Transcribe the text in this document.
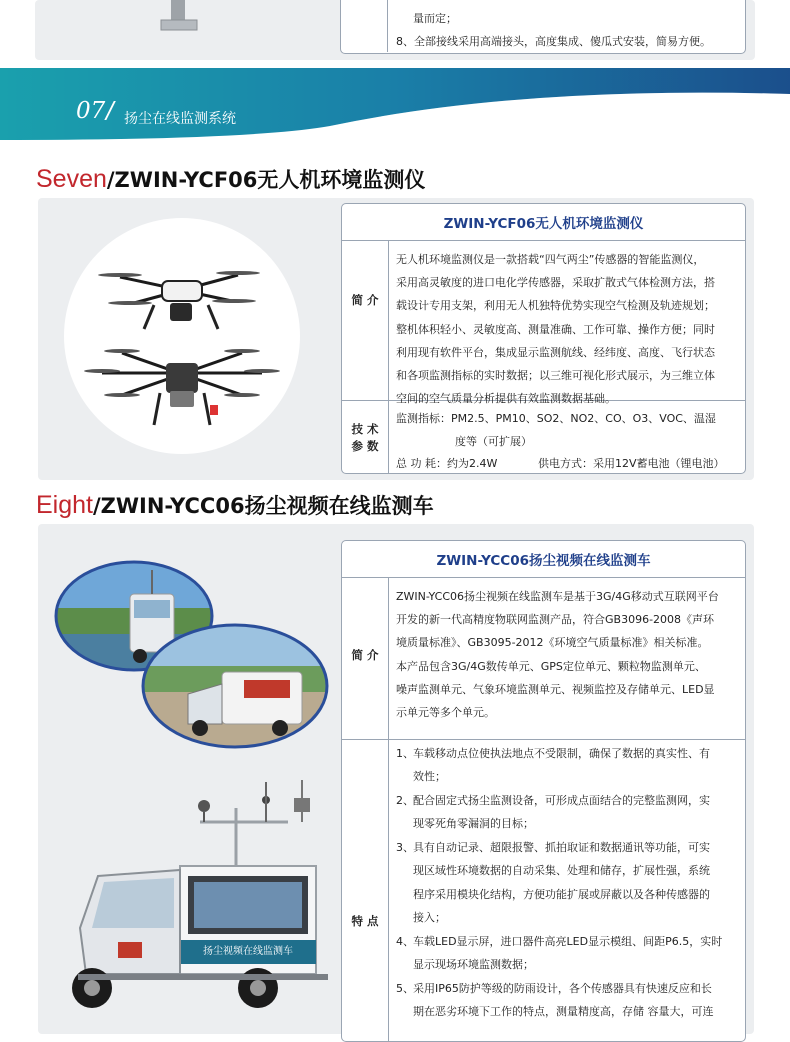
量而定；
8、全部接线采用高端接头，高度集成、傻瓜式安装，简易方便。
07 / 扬尘在线监测系统
Seven/ZWIN-YCF06无人机环境监测仪
ZWIN-YCF06无人机环境监测仪
简 介
无人机环境监测仪是一款搭载“四气两尘”传感器的智能监测仪，
采用高灵敏度的进口电化学传感器，采取扩散式气体检测方法，搭
载设计专用支架，利用无人机独特优势实现空气检测及轨迹规划；
整机体积轻小、灵敏度高、测量准确、工作可靠、操作方便；同时
利用现有软件平台，集成显示监测航线、经纬度、高度、飞行状态
和各项监测指标的实时数据；以三维可视化形式展示，为三维立体
空间的空气质量分析提供有效监测数据基础。
技 术
参 数
监测指标：PM2.5、PM10、SO2、NO2、CO、O3、VOC、温湿
度等（可扩展）
总 功 耗：约为2.4W	供电方式：采用12V蓄电池（锂电池）
Eight/ZWIN-YCC06扬尘视频在线监测车
扬尘视频在线监测车
ZWIN-YCC06扬尘视频在线监测车
简 介
ZWIN-YCC06扬尘视频在线监测车是基于3G/4G移动式互联网平台
开发的新一代高精度物联网监测产品，符合GB3096-2008《声环
境质量标准》、GB3095-2012《环境空气质量标准》相关标准。
本产品包含3G/4G数传单元、GPS定位单元、颗粒物监测单元、
噪声监测单元、气象环境监测单元、视频监控及存储单元、LED显
示单元等多个单元。
特 点
1、 车载移动点位使执法地点不受限制，确保了数据的真实性、有
效性；
2、 配合固定式扬尘监测设备，可形成点面结合的完整监测网，实
现零死角零漏洞的目标；
3、 具有自动记录、超限报警、抓拍取证和数据通讯等功能，可实
现区域性环境数据的自动采集、处理和储存，扩展性强，系统
程序采用模块化结构，方便功能扩展或屏蔽以及各种传感器的
接入；
4、 车载LED显示屏，进口器件高亮LED显示模组、间距P6.5，实时
显示现场环境监测数据；
5、 采用IP65防护等级的防雨设计，各个传感器具有快速反应和长
期在恶劣环境下工作的特点，测量精度高，存储 容量大，可连
